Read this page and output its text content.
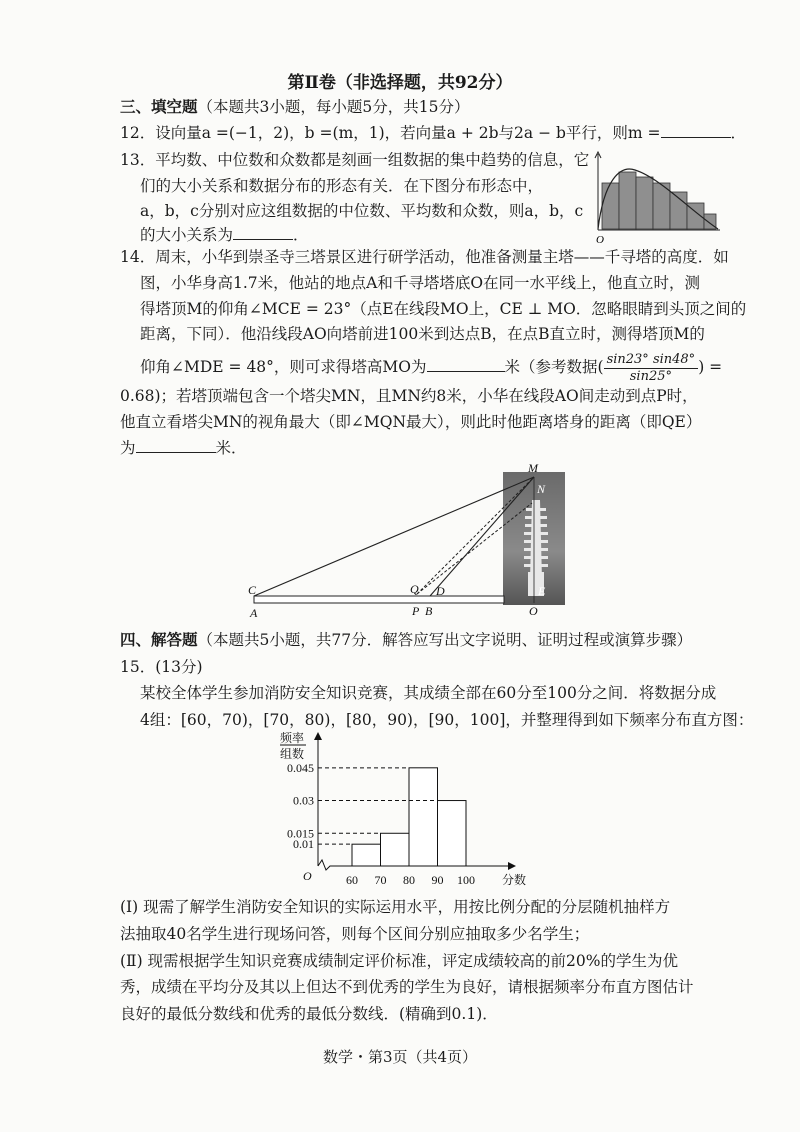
第Ⅱ卷（非选择题，共92分）
三、填空题（本题共3小题，每小题5分，共15分）
12．设向量a =(−1，2)，b =(m，1)，若向量a + 2b与2a − b平行，则m =	．
13．平均数、中位数和众数都是刻画一组数据的集中趋势的信息，它
们的大小关系和数据分布的形态有关．在下图分布形态中，
a，b，c分别对应这组数据的中位数、平均数和众数，则a，b，c
的大小关系为	．	O
14．周末，小华到崇圣寺三塔景区进行研学活动，他准备测量主塔——千寻塔的高度．如
图，小华身高1.7米，他站的地点A和千寻塔塔底O在同一水平线上，他直立时，测
得塔顶M的仰角∠MCE = 23°（点E在线段MO上，CE ⊥ MO．忽略眼睛到头顶之间的
距离，下同）．他沿线段AO向塔前进100米到达点B，在点B直立时，测得塔顶M的
仰角∠MDE = 48°，则可求得塔高MO为	米（参考数据( $\frac{\sin 23^\circ \sin 48^\circ}{\sin 25^\circ}$ ) =
0.68)；若塔顶端包含一个塔尖MN，且MN约8米，小华在线段AO间走动到点P时，
他直立看塔尖MN的视角最大（即∠MQN最大），则此时他距离塔身的距离（即QE）
为	米．
M
N
C
A
Q D
P B	O
E
四、解答题（本题共5小题，共77分．解答应写出文字说明、证明过程或演算步骤）
15．(13分)
某校全体学生参加消防安全知识竞赛，其成绩全部在60分至100分之间．将数据分成
4组：[60，70)，[70，80)，[80，90)，[90，100]，并整理得到如下频率分布直方图：
频率
组数
分数
O
0.01
0.015
0.03
0.045
60 70 80 90 100
(Ⅰ) 现需了解学生消防安全知识的实际运用水平，用按比例分配的分层随机抽样方
法抽取40名学生进行现场问答，则每个区间分别应抽取多少名学生；
(Ⅱ) 现需根据学生知识竞赛成绩制定评价标准，评定成绩较高的前20%的学生为优
秀，成绩在平均分及其以上但达不到优秀的学生为良好，请根据频率分布直方图估计
良好的最低分数线和优秀的最低分数线．(精确到0.1)．
数学・第3页（共4页）
